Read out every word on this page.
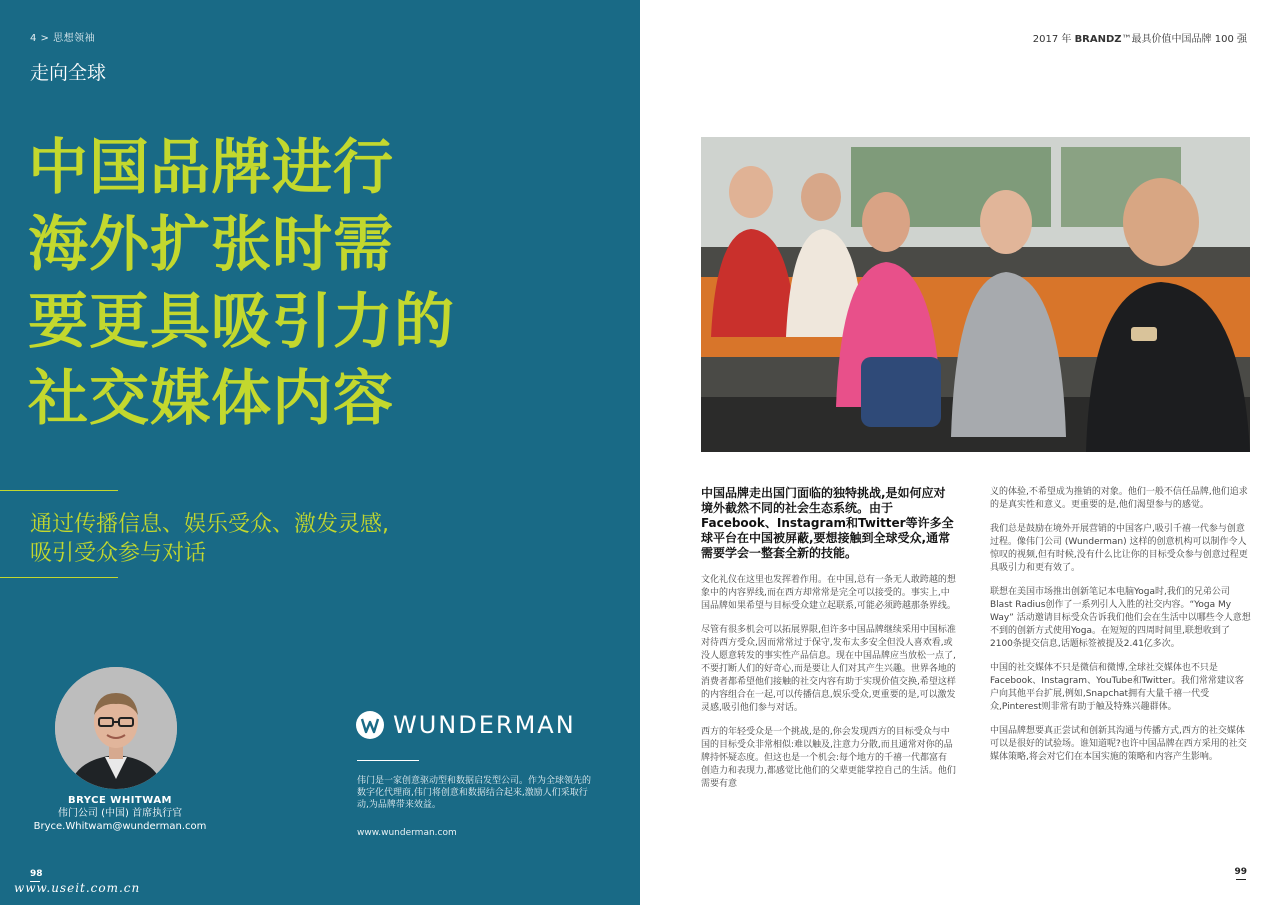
4 > 思想领袖
走向全球
中国品牌进行
海外扩张时需
要更具吸引力的
社交媒体内容
通过传播信息、娱乐受众、激发灵感,
吸引受众参与对话
BRYCE WHITWAM
伟门公司 (中国) 首席执行官
Bryce.Whitwam@wunderman.com
WUNDERMAN
伟门是一家创意驱动型和数据启发型公司。作为全球领先的数字化代理商,伟门将创意和数据结合起来,激励人们采取行动,为品牌带来效益。
www.wunderman.com
98
www.useit.com.cn
2017 年 BRANDZ™最具价值中国品牌 100 强

中国品牌走出国门面临的独特挑战,是如何应对境外截然不同的社会生态系统。由于Facebook、Instagram和Twitter等许多全球平台在中国被屏蔽,要想接触到全球受众,通常需要学会一整套全新的技能。

文化礼仪在这里也发挥着作用。在中国,总有一条无人敢跨越的想象中的内容界线,而在西方却常常是完全可以接受的。事实上,中国品牌如果希望与目标受众建立起联系,可能必须跨越那条界线。

尽管有很多机会可以拓展界限,但许多中国品牌继续采用中国标准对待西方受众,因而常常过于保守,发布太多安全但没人喜欢看,或没人愿意转发的事实性产品信息。现在中国品牌应当放松一点了,不要打断人们的好奇心,而是要让人们对其产生兴趣。世界各地的消费者都希望他们接触的社交内容有助于实现价值交换,希望这样的内容组合在一起,可以传播信息,娱乐受众,更重要的是,可以激发灵感,吸引他们参与对话。

西方的年轻受众是一个挑战,是的,你会发现西方的目标受众与中国的目标受众非常相似:难以触及,注意力分散,而且通常对你的品牌持怀疑态度。但这也是一个机会:每个地方的千禧一代都富有创造力和表现力,都感觉比他们的父辈更能掌控自己的生活。他们需要有意

义的体验,不希望成为推销的对象。他们一般不信任品牌,他们追求的是真实性和意义。更重要的是,他们渴望参与的感觉。

我们总是鼓励在境外开展营销的中国客户,吸引千禧一代参与创意过程。像伟门公司 (Wunderman) 这样的创意机构可以制作令人惊叹的视频,但有时候,没有什么比让你的目标受众参与创意过程更具吸引力和更有效了。

联想在美国市场推出创新笔记本电脑Yoga时,我们的兄弟公司Blast Radius创作了一系列引人入胜的社交内容。“Yoga My Way” 活动邀请目标受众告诉我们他们会在生活中以哪些令人意想不到的创新方式使用Yoga。在短短的四周时间里,联想收到了2100条提交信息,话题标签被提及2.41亿多次。

中国的社交媒体不只是微信和微博,全球社交媒体也不只是Facebook、Instagram、YouTube和Twitter。我们常常建议客户向其他平台扩展,例如,Snapchat拥有大量千禧一代受众,Pinterest则非常有助于触及特殊兴趣群体。

中国品牌想要真正尝试和创新其沟通与传播方式,西方的社交媒体可以是很好的试验场。谁知道呢?也许中国品牌在西方采用的社交媒体策略,将会对它们在本国实施的策略和内容产生影响。

99
